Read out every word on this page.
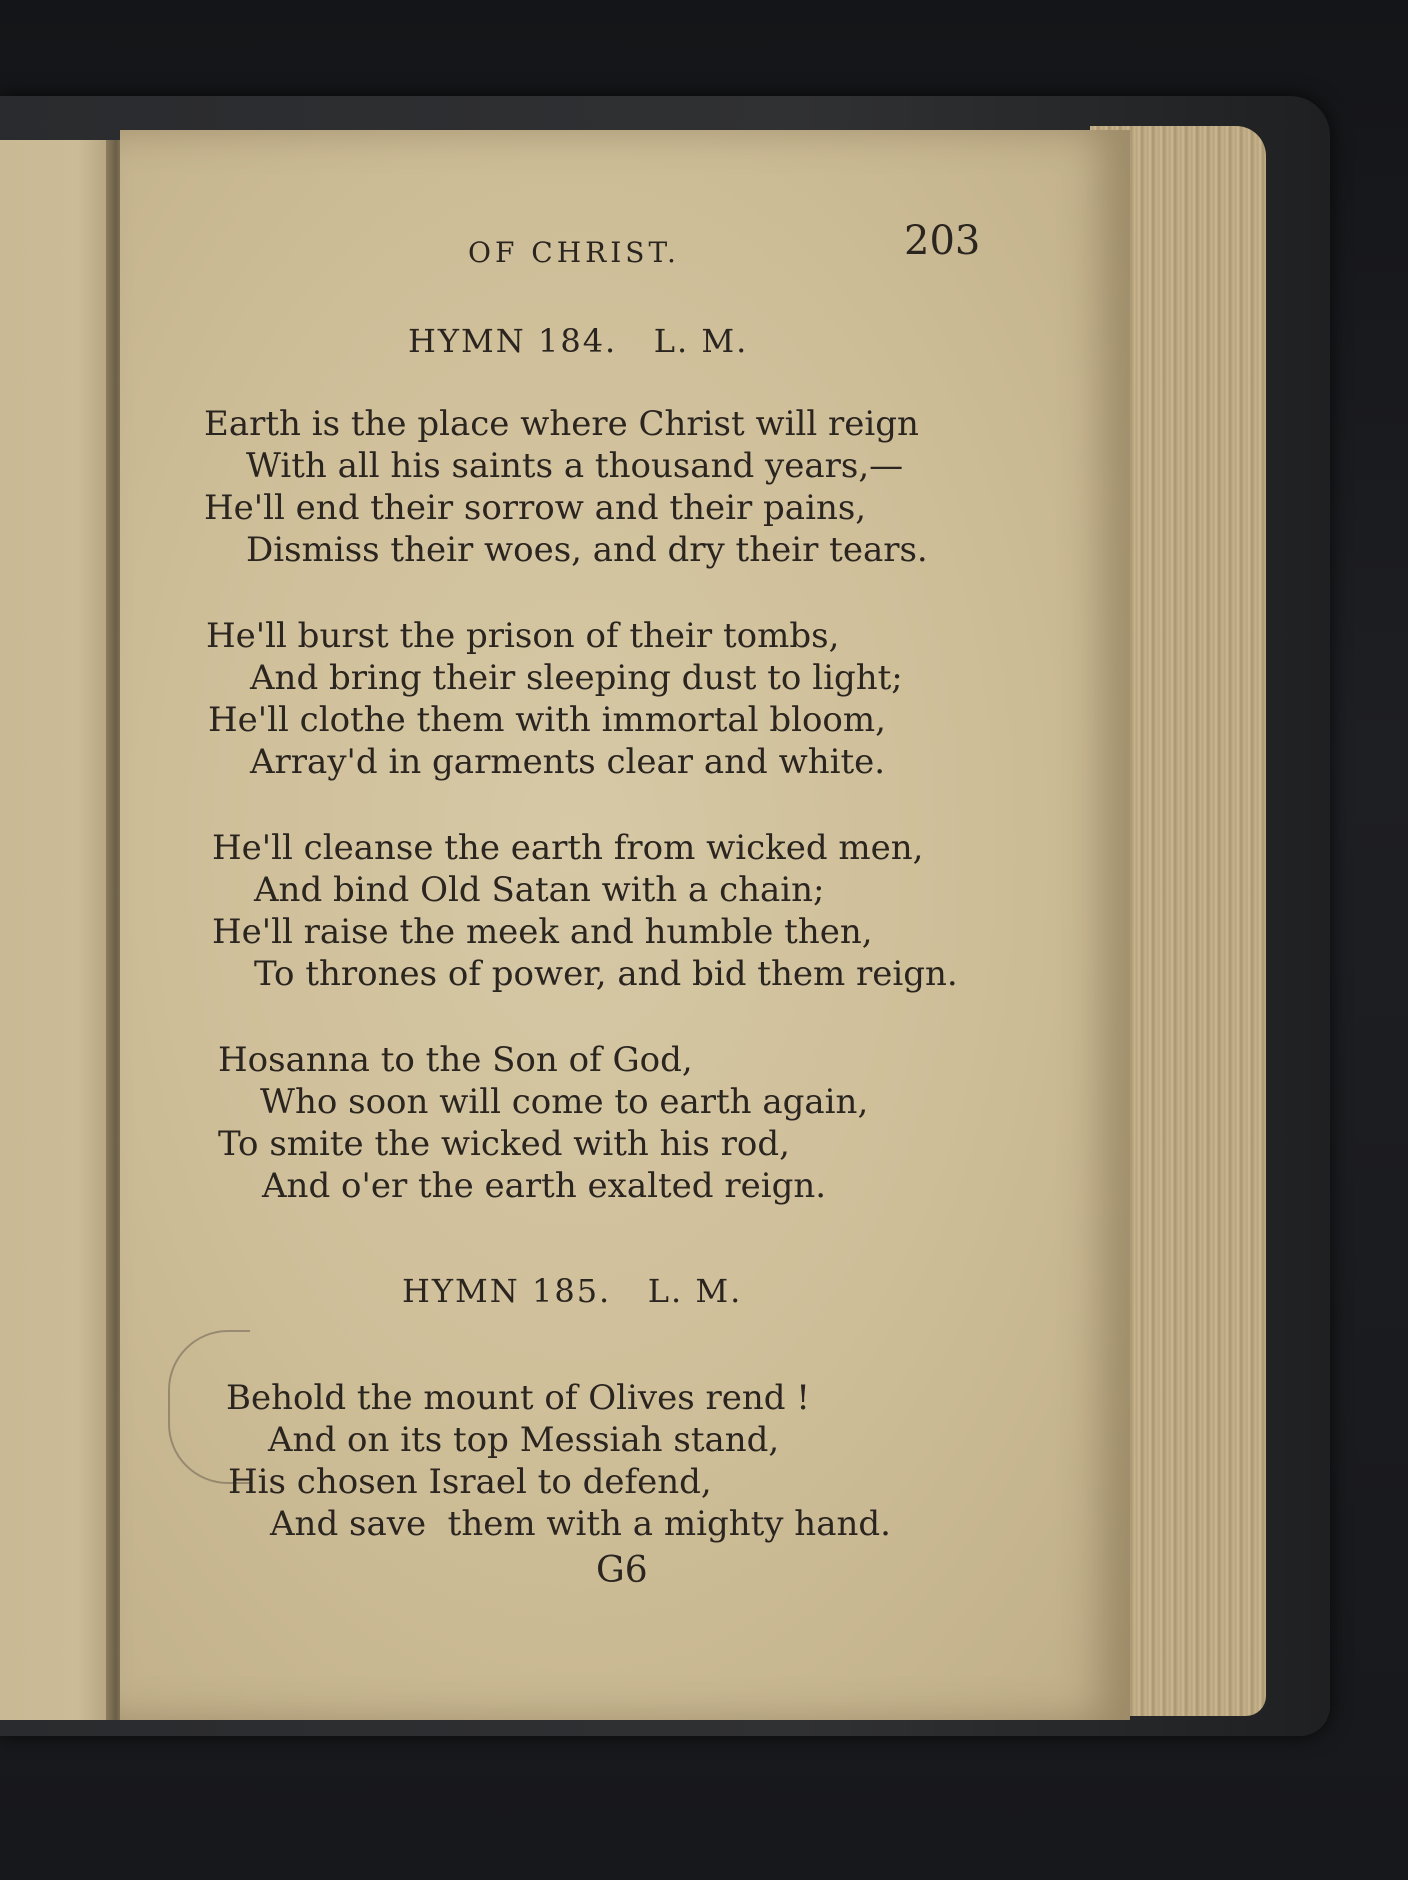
OF CHRIST.	203
HYMN 184.   L. M.
Earth is the place where Christ will reign
With all his saints a thousand years,—
He'll end their sorrow and their pains,
Dismiss their woes, and dry their tears.
He'll burst the prison of their tombs,
And bring their sleeping dust to light;
He'll clothe them with immortal bloom,
Array'd in garments clear and white.
He'll cleanse the earth from wicked men,
And bind Old Satan with a chain;
He'll raise the meek and humble then,
To thrones of power, and bid them reign.
Hosanna to the Son of God,
Who soon will come to earth again,
To smite the wicked with his rod,
And o'er the earth exalted reign.
HYMN 185.   L. M.
Behold the mount of Olives rend !
And on its top Messiah stand,
His chosen Israel to defend,
And save  them with a mighty hand.
G6
